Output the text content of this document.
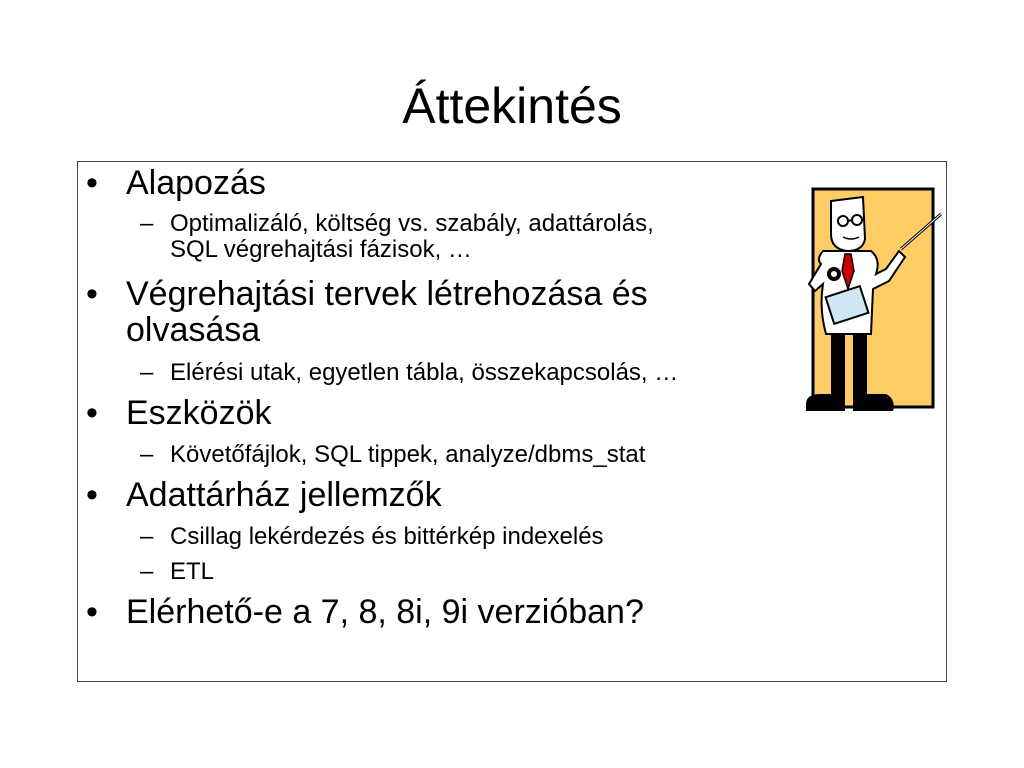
Áttekintés
• Alapozás
– Optimalizáló, költség vs. szabály, adattárolás,
SQL végrehajtási fázisok, …
• Végrehajtási tervek létrehozása és
olvasása
– Elérési utak, egyetlen tábla, összekapcsolás, …
• Eszközök
– Követőfájlok, SQL tippek, analyze/dbms_stat
• Adattárház jellemzők
– Csillag lekérdezés és bittérkép indexelés
– ETL
• Elérhető-e a 7, 8, 8i, 9i verzióban?
